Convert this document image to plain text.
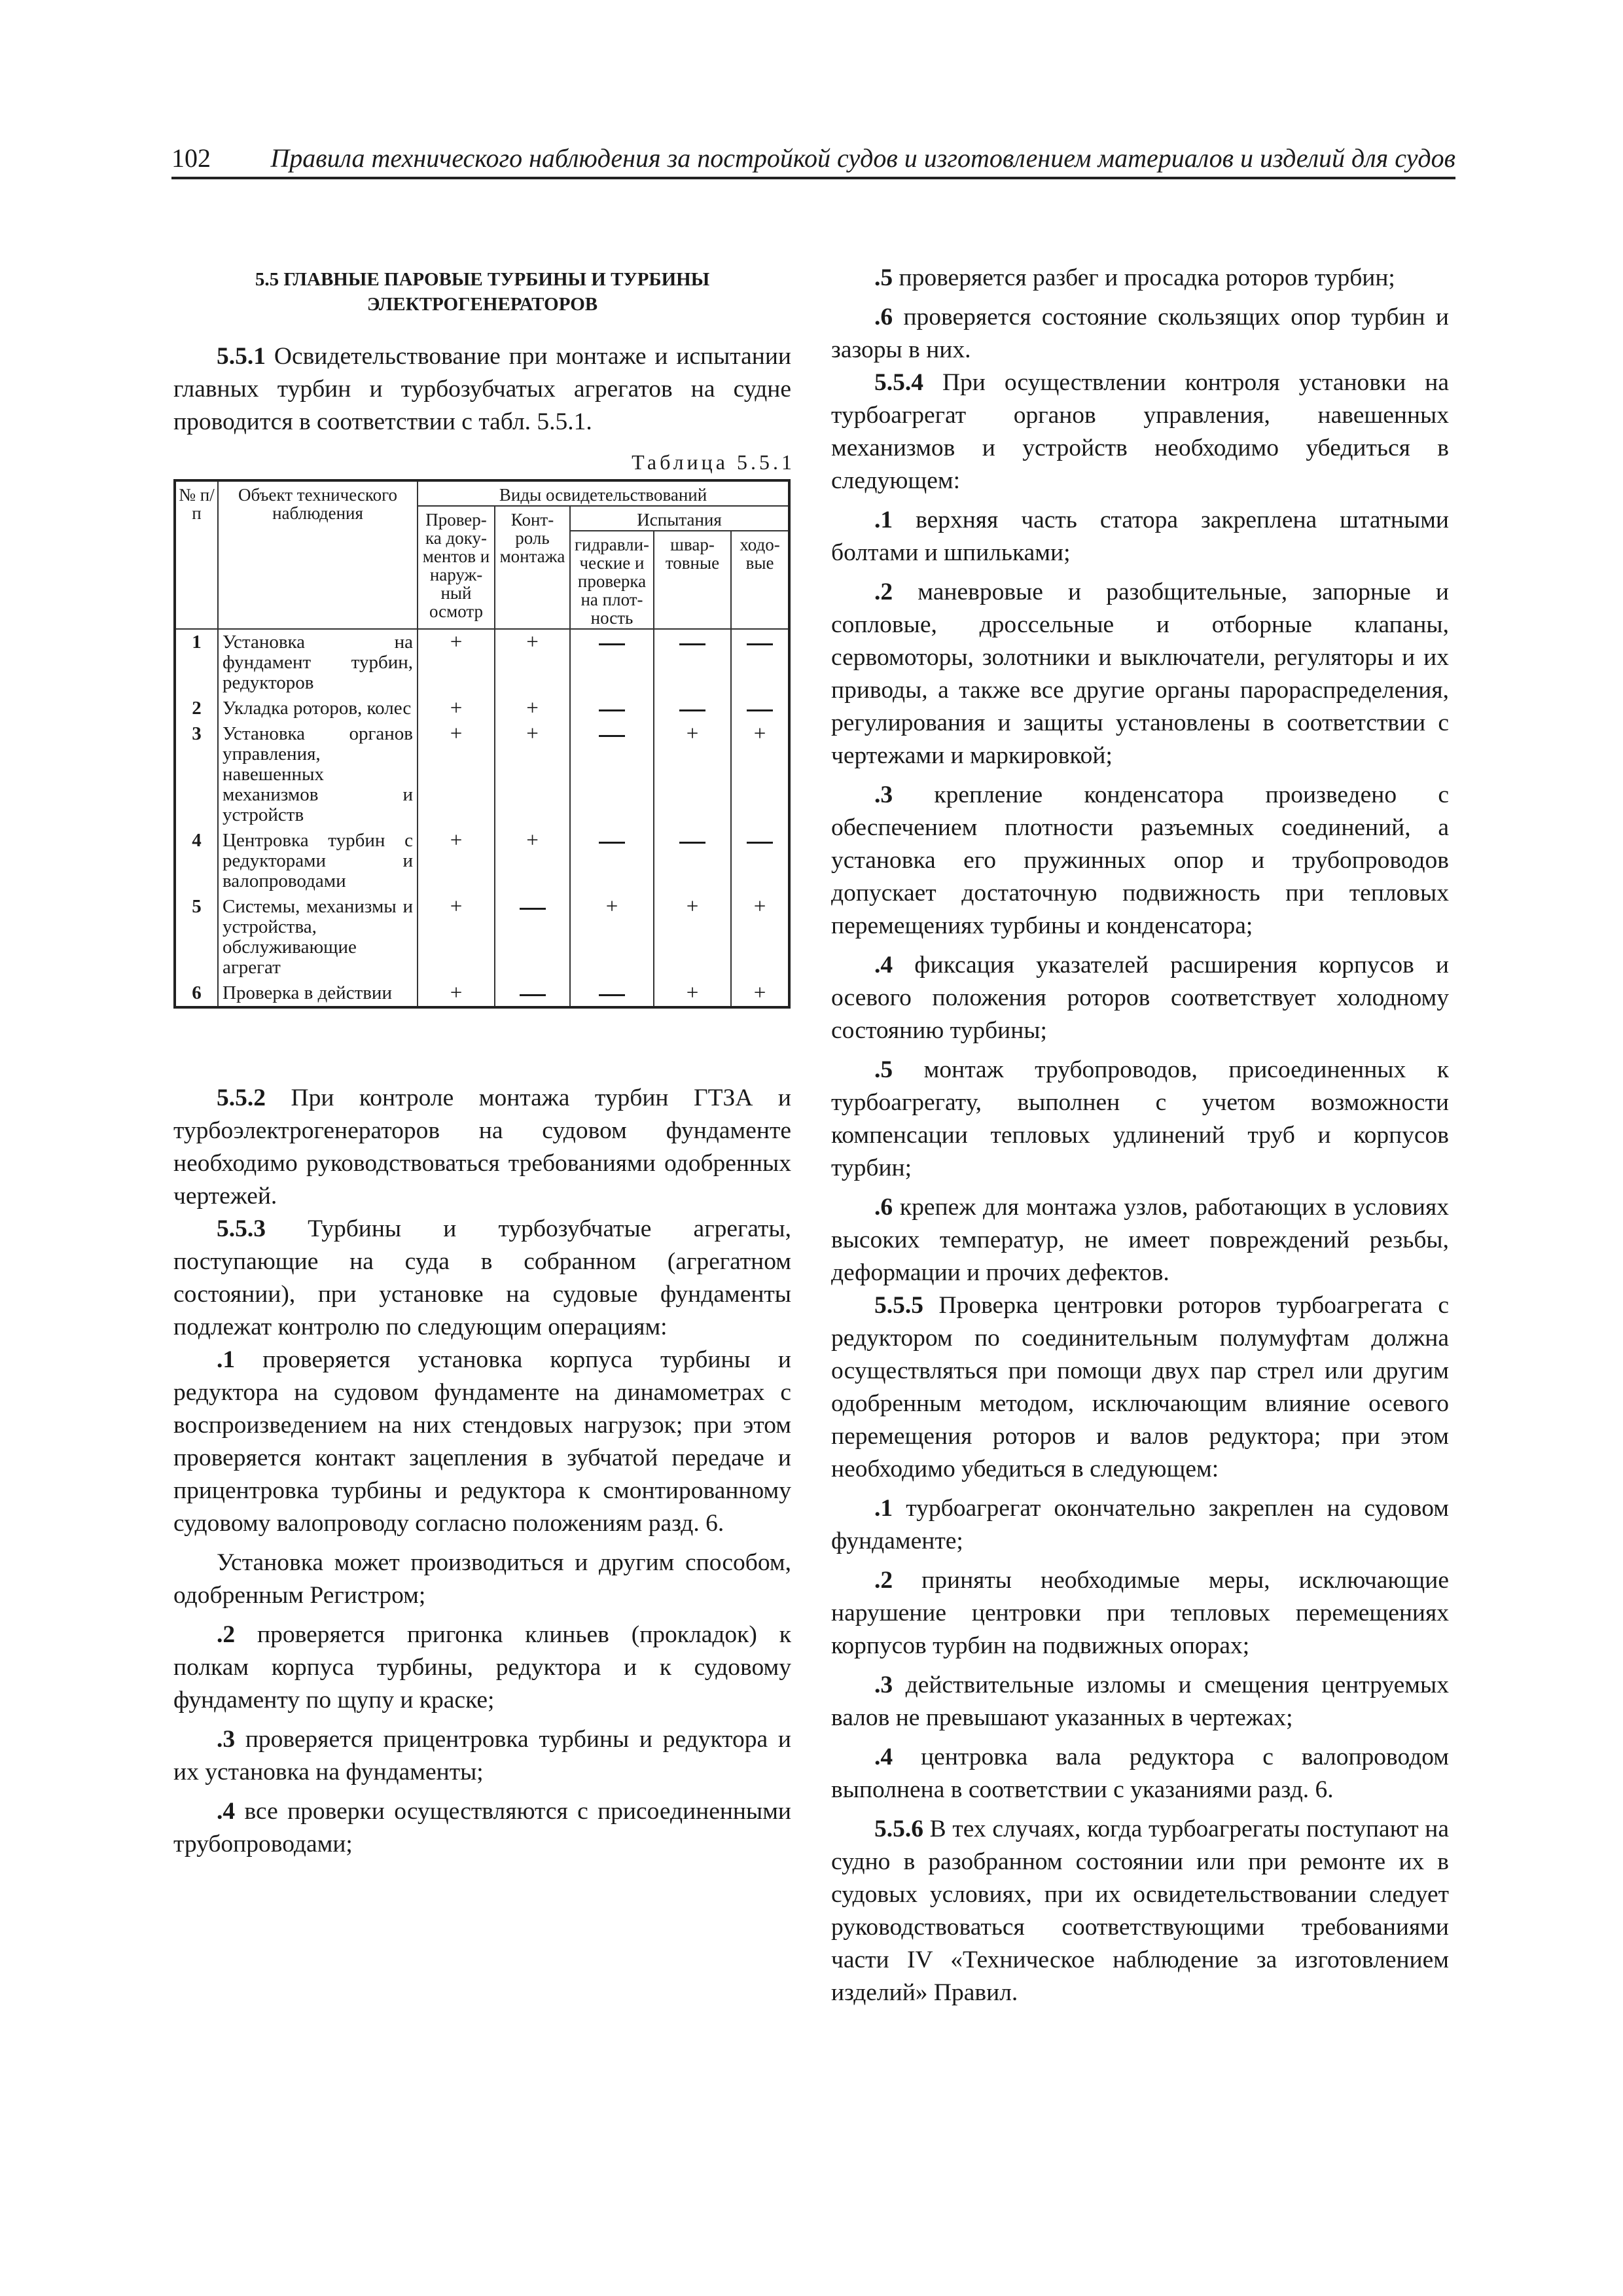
102 Правила технического наблюдения за постройкой судов и изготовлением материалов и изделий для судов
5.5 ГЛАВНЫЕ ПАРОВЫЕ ТУРБИНЫ И ТУРБИНЫ
ЭЛЕКТРОГЕНЕРАТОРОВ

5.5.1 Освидетельствование при монтаже и испытании главных турбин и турбозубчатых агрегатов на судне проводится в соответствии с табл. 5.5.1.

Таблица 5.5.1
№ п/п	Объект технического наблюдения	Виды освидетельствований				
		Провер-ка доку-ментов и наруж-ный осмотр	Конт-роль монтажа	Испытания		
				гидравли-ческие и проверка на плот-ность	швар-товные	ходо-вые
1	Установка на фундамент турбин, редукторов	+	+			
2	Укладка роторов, колес	+	+			
3	Установка органов управления, навешенных механизмов и устройств	+	+		+	+
4	Центровка турбин с редукторами и валопроводами	+	+			
5	Системы, механизмы и устройства, обслуживающие агрегат	+		+	+	+
6	Проверка в действии	+			+	+

5.5.2 При контроле монтажа турбин ГТЗА и турбоэлектрогенераторов на судовом фундаменте необходимо руководствоваться требованиями одобренных чертежей.

5.5.3 Турбины и турбозубчатые агрегаты, поступающие на суда в собранном (агрегатном состоянии), при установке на судовые фундаменты подлежат контролю по следующим операциям:

.1 проверяется установка корпуса турбины и редуктора на судовом фундаменте на динамометрах с воспроизведением на них стендовых нагрузок; при этом проверяется контакт зацепления в зубчатой передаче и прицентровка турбины и редуктора к смонтированному судовому валопроводу согласно положениям разд. 6.

Установка может производиться и другим способом, одобренным Регистром;

.2 проверяется пригонка клиньев (прокладок) к полкам корпуса турбины, редуктора и к судовому фундаменту по щупу и краске;

.3 проверяется прицентровка турбины и редуктора и их установка на фундаменты;

.4 все проверки осуществляются с присоединенными трубопроводами;

.5 проверяется разбег и просадка роторов турбин;

.6 проверяется состояние скользящих опор турбин и зазоры в них.

5.5.4 При осуществлении контроля установки на турбоагрегат органов управления, навешенных механизмов и устройств необходимо убедиться в следующем:

.1 верхняя часть статора закреплена штатными болтами и шпильками;

.2 маневровые и разобщительные, запорные и сопловые, дроссельные и отборные клапаны, сервомоторы, золотники и выключатели, регуляторы и их приводы, а также все другие органы парораспределения, регулирования и защиты установлены в соответствии с чертежами и маркировкой;

.3 крепление конденсатора произведено с обеспечением плотности разъемных соединений, а установка его пружинных опор и трубопроводов допускает достаточную подвижность при тепловых перемещениях турбины и конденсатора;

.4 фиксация указателей расширения корпусов и осевого положения роторов соответствует холодному состоянию турбины;

.5 монтаж трубопроводов, присоединенных к турбоагрегату, выполнен с учетом возможности компенсации тепловых удлинений труб и корпусов турбин;

.6 крепеж для монтажа узлов, работающих в условиях высоких температур, не имеет повреждений резьбы, деформации и прочих дефектов.

5.5.5 Проверка центровки роторов турбоагрегата с редуктором по соединительным полумуфтам должна осуществляться при помощи двух пар стрел или другим одобренным методом, исключающим влияние осевого перемещения роторов и валов редуктора; при этом необходимо убедиться в следующем:

.1 турбоагрегат окончательно закреплен на судовом фундаменте;

.2 приняты необходимые меры, исключающие нарушение центровки при тепловых перемещениях корпусов турбин на подвижных опорах;

.3 действительные изломы и смещения центруемых валов не превышают указанных в чертежах;

.4 центровка вала редуктора с валопроводом выполнена в соответствии с указаниями разд. 6.

5.5.6 В тех случаях, когда турбоагрегаты поступают на судно в разобранном состоянии или при ремонте их в судовых условиях, при их освидетельствовании следует руководствоваться соответствующими требованиями части IV «Техническое наблюдение за изготовлением изделий» Правил.
